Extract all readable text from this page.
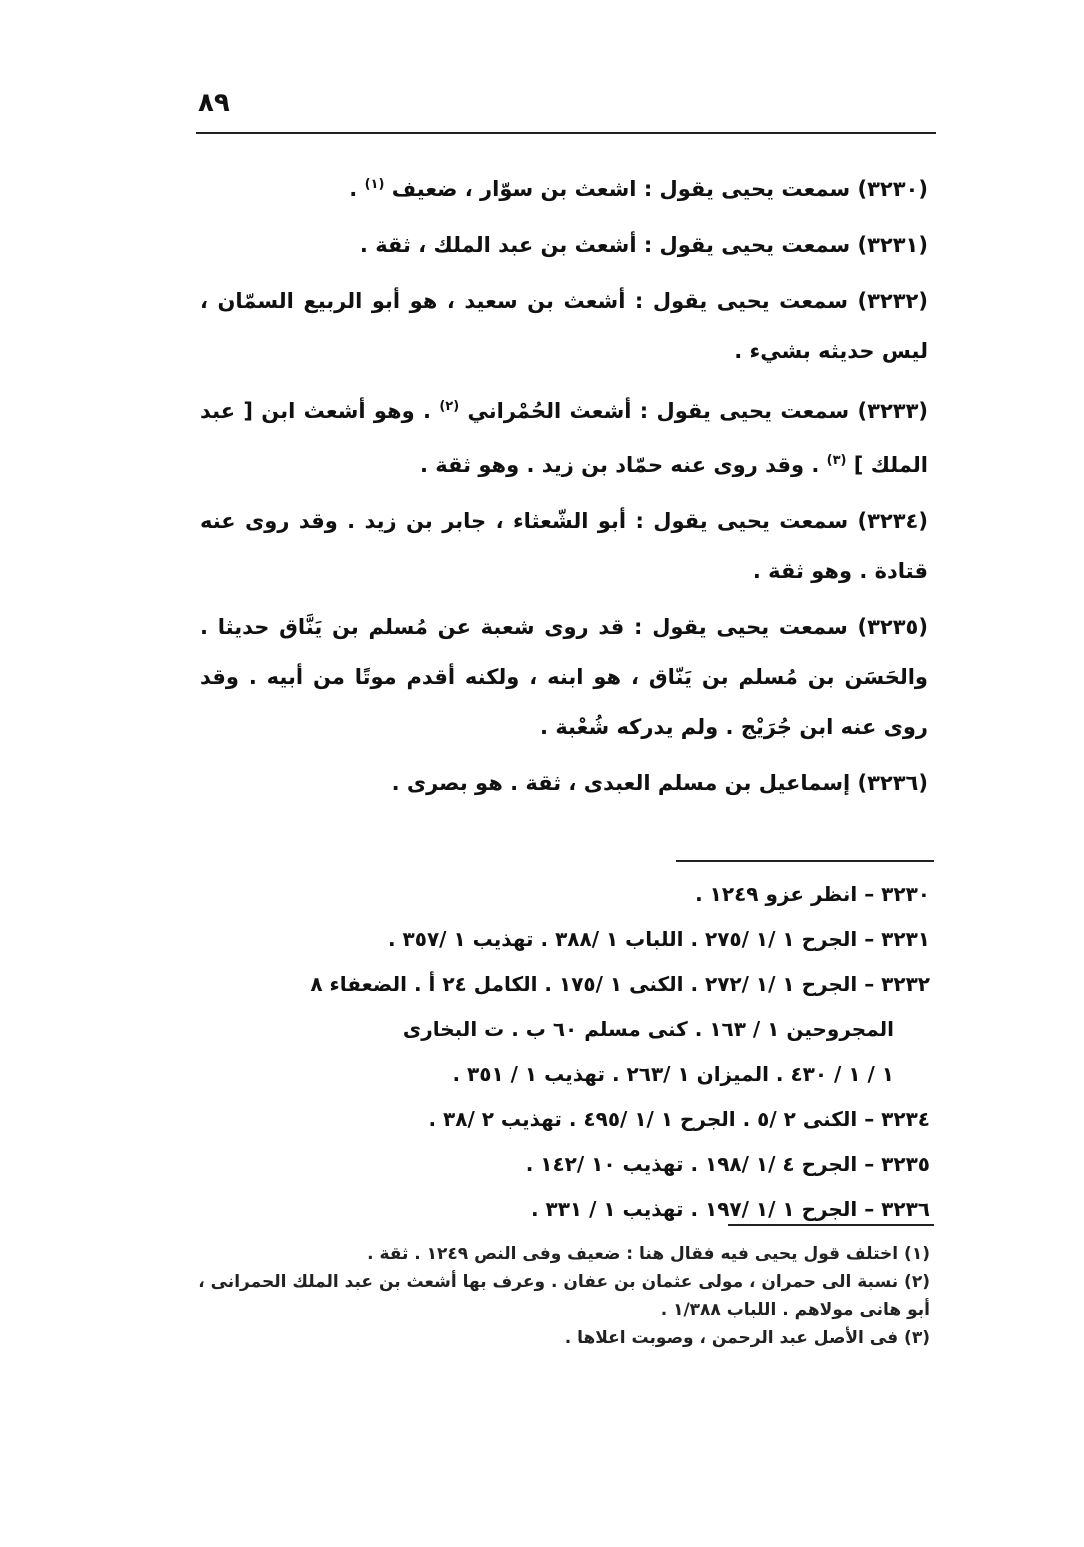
٨٩

(٣٢٣٠) سمعت يحيى يقول : اشعث بن سوّار ، ضعيف $^{(١)}$ .

(٣٢٣١) سمعت يحيى يقول : أشعث بن عبد الملك ، ثقة .

(٣٢٣٢) سمعت يحيى يقول : أشعث بن سعيد ، هو أبو الربيع السمّان ، ليس حديثه بشيء .

(٣٢٣٣) سمعت يحيى يقول : أشعث الحُمْراني $^{(٢)}$ . وهو أشعث ابن [ عبد الملك ] $^{(٣)}$ . وقد روى عنه حمّاد بن زيد . وهو ثقة .

(٣٢٣٤) سمعت يحيى يقول : أبو الشّعثاء ، جابر بن زيد . وقد روى عنه قتادة . وهو ثقة .

(٣٢٣٥) سمعت يحيى يقول : قد روى شعبة عن مُسلم بن يَنَّاق حديثا . والحَسَن بن مُسلم بن يَنّاق ، هو ابنه ، ولكنه أقدم موتًا من أبيه . وقد روى عنه ابن جُرَيْج . ولم يدركه شُعْبة .

(٣٢٣٦) إسماعيل بن مسلم العبدى ، ثقة . هو بصرى .

٣٢٣٠ – انظر عزو ١٢٤٩ .

٣٢٣١ – الجرح ١ /١ /٢٧٥ . اللباب ١ /٣٨٨ . تهذيب ١ /٣٥٧ .

٣٢٣٢ – الجرح ١ /١ /٢٧٢ . الكنى ١ /١٧٥ . الكامل ٢٤ أ . الضعفاء ٨

المجروحين ١ / ١٦٣ . كنى مسلم ٦٠ ب . ت البخارى

١ / ١ / ٤٣٠ . الميزان ١ /٢٦٣ . تهذيب ١ / ٣٥١ .

٣٢٣٤ – الكنى ٢ /٥ . الجرح ١ /١ /٤٩٥ . تهذيب ٢ /٣٨ .

٣٢٣٥ – الجرح ٤ /١ /١٩٨ . تهذيب ١٠ /١٤٢ .

٣٢٣٦ – الجرح ١ /١ /١٩٧ . تهذيب ١ / ٣٣١ .

(١) اختلف قول يحيى فيه فقال هنا : ضعيف وفى النص ١٢٤٩ . ثقة .

(٢) نسبة الى حمران ، مولى عثمان بن عفان . وعرف بها أشعث بن عبد الملك الحمرانى ، أبو هانى مولاهم . اللباب ١/٣٨٨ .

(٣) فى الأصل عبد الرحمن ، وصوبت اعلاها .
